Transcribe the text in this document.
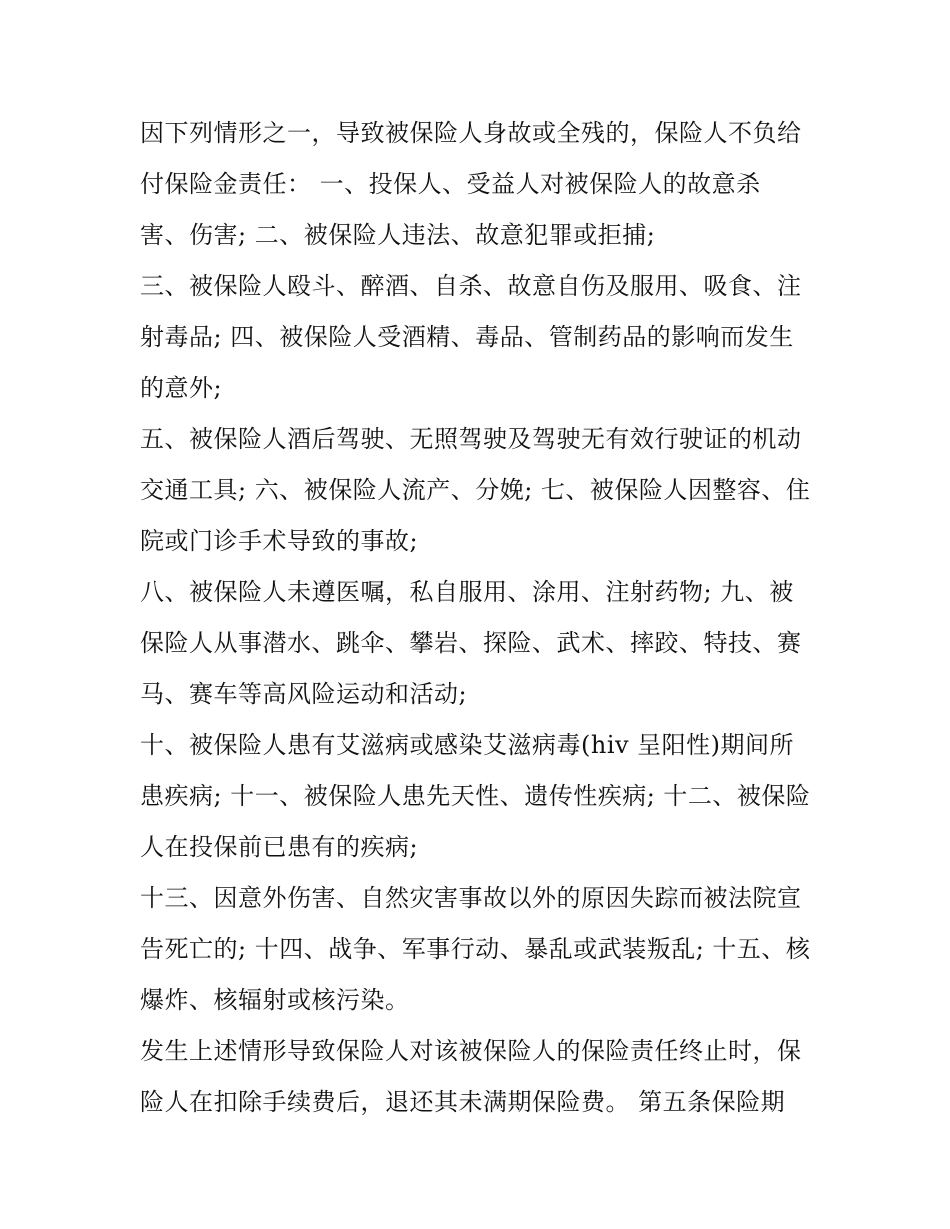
因下列情形之一，导致被保险人身故或全残的，保险人不负给
付保险金责任： 一、投保人、受益人对被保险人的故意杀
害、伤害; 二、被保险人违法、故意犯罪或拒捕;
三、被保险人殴斗、醉酒、自杀、故意自伤及服用、吸食、注
射毒品; 四、被保险人受酒精、毒品、管制药品的影响而发生
的意外;
五、被保险人酒后驾驶、无照驾驶及驾驶无有效行驶证的机动
交通工具; 六、被保险人流产、分娩; 七、被保险人因整容、住
院或门诊手术导致的事故;
八、被保险人未遵医嘱，私自服用、涂用、注射药物; 九、被
保险人从事潜水、跳伞、攀岩、探险、武术、摔跤、特技、赛
马、赛车等高风险运动和活动;
十、被保险人患有艾滋病或感染艾滋病毒(hiv 呈阳性)期间所
患疾病; 十一、被保险人患先天性、遗传性疾病; 十二、被保险
人在投保前已患有的疾病;
十三、因意外伤害、自然灾害事故以外的原因失踪而被法院宣
告死亡的; 十四、战争、军事行动、暴乱或武装叛乱; 十五、核
爆炸、核辐射或核污染。
发生上述情形导致保险人对该被保险人的保险责任终止时，保
险人在扣除手续费后，退还其未满期保险费。 第五条保险期
